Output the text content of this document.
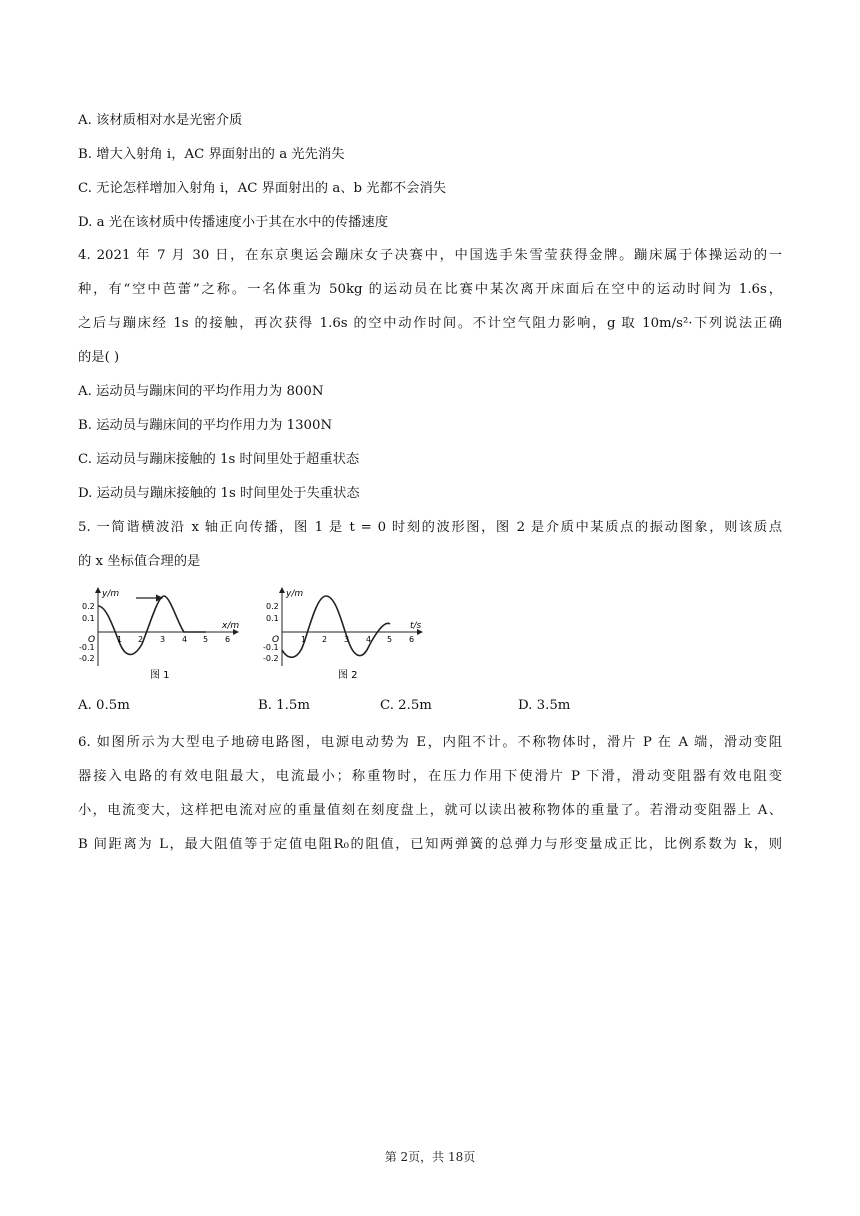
A. 该材质相对水是光密介质
B. 增大入射角 i，AC 界面射出的 a 光先消失
C. 无论怎样增加入射角 i，AC 界面射出的 a、b 光都不会消失
D. a 光在该材质中传播速度小于其在水中的传播速度
4. 2021 年 7 月 30 日，在东京奥运会蹦床女子决赛中，中国选手朱雪莹获得金牌。蹦床属于体操运动的一
种，有“空中芭蕾”之称。一名体重为 50kg 的运动员在比赛中某次离开床面后在空中的运动时间为 1.6s，
之后与蹦床经 1s 的接触，再次获得 1.6s 的空中动作时间。不计空气阻力影响，g 取 10m/s²·下列说法正确
的是( )
A. 运动员与蹦床间的平均作用力为 800N
B. 运动员与蹦床间的平均作用力为 1300N
C. 运动员与蹦床接触的 1s 时间里处于超重状态
D. 运动员与蹦床接触的 1s 时间里处于失重状态
5. 一简谐横波沿 x 轴正向传播，图 1 是 t = 0 时刻的波形图，图 2 是介质中某质点的振动图象，则该质点
的 x 坐标值合理的是
y/m
x/m
O
0.2
0.1
-0.1
-0.2
1 2 3 4 5 6
图 1
y/m
t/s
O
0.2
0.1
-0.1
-0.2
1 2 3 4 5 6
图 2
A. 0.5m	B. 1.5m	C. 2.5m	D. 3.5m
6. 如图所示为大型电子地磅电路图，电源电动势为 E，内阻不计。不称物体时，滑片 P 在 A 端，滑动变阻
器接入电路的有效电阻最大，电流最小；称重物时，在压力作用下使滑片 P 下滑，滑动变阻器有效电阻变
小，电流变大，这样把电流对应的重量值刻在刻度盘上，就可以读出被称物体的重量了。若滑动变阻器上 A、
B 间距离为 L，最大阻值等于定值电阻R₀的阻值，已知两弹簧的总弹力与形变量成正比，比例系数为 k，则
第 2页，共 18页
